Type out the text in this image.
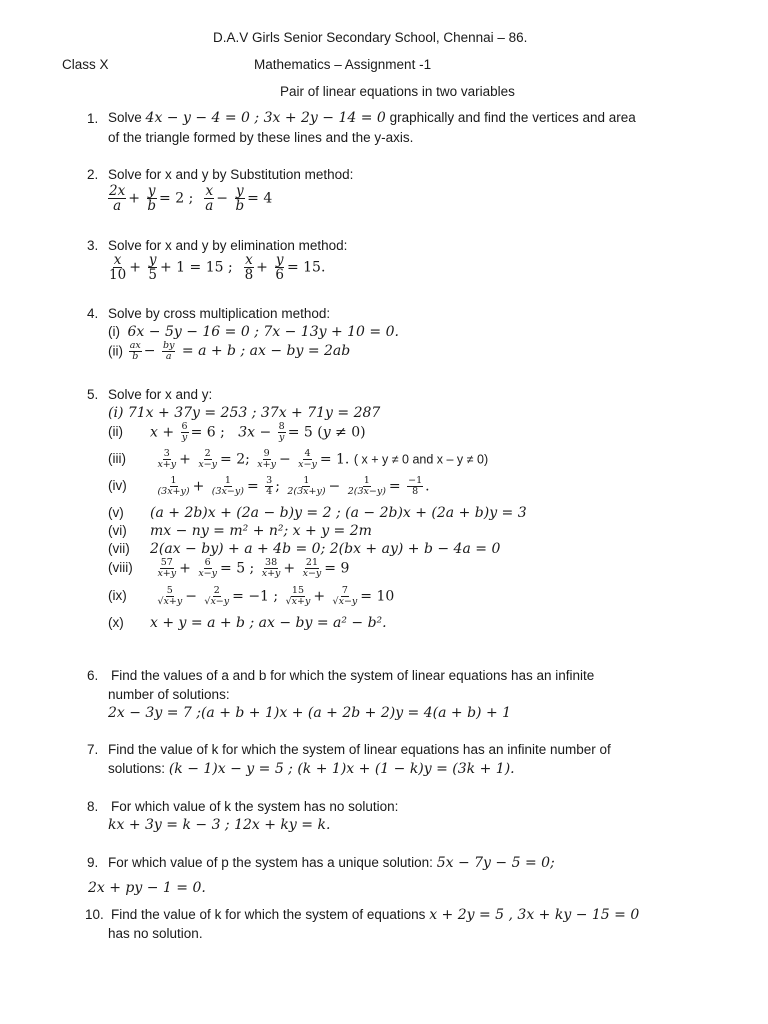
D.A.V Girls Senior Secondary School, Chennai – 86.
Class X	Mathematics – Assignment -1
Pair of linear equations in two variables
1. Solve 4x − y − 4 = 0 ; 3x + 2y − 14 = 0 graphically and find the vertices and area
of the triangle formed by these lines and the y-axis.
2. Solve for x and y by Substitution method:
$\frac{2x}{a} + \frac{y}{b} = 2$ ; $\frac{x}{a} - \frac{y}{b} = 4$
3. Solve for x and y by elimination method:
$\frac{x}{10} + \frac{y}{5} + 1 = 15$ ; $\frac{x}{8} + \frac{y}{6} = 15$.
4. Solve by cross multiplication method:
(i) 6x − 5y − 16 = 0 ; 7x − 13y + 10 = 0.
$(ii) \frac{ax}{b} - \frac{by}{a} = a + b$ ; ax − by = 2ab
5. Solve for x and y:
(i) 71x + 37y = 253 ; 37x + 71y = 287
(ii) $x + \frac{6}{y} = 6$ ;   $3x - \frac{8}{y} = 5$ (y ≠ 0)
(iii)	$\frac{3}{x+y} + \frac{2}{x-y} = 2$; $\frac{9}{x+y} - \frac{4}{x-y} = 1$. ( x + y ≠ 0 and x – y ≠ 0)
(iv)	$\frac{1}{(3x+y)} + \frac{1}{(3x-y)} = \frac{3}{4}$ ; $\frac{1}{2(3x+y)} - \frac{1}{2(3x-y)} = \frac{-1}{8}$ .
(v) (a + 2b)x + (2a − b)y = 2 ; (a − 2b)x + (2a + b)y = 3
(vi) mx − ny = m² + n²; x + y = 2m
(vii) 2(ax − by) + a + 4b = 0; 2(bx + ay) + b − 4a = 0
(viii) $\frac{57}{x+y} + \frac{6}{x-y} = 5$ ; $\frac{38}{x+y} + \frac{21}{x-y} = 9$
(ix)	$\frac{5}{√x+y} - \frac{2}{√x-y} = -1$ ; $\frac{15}{√x+y} + \frac{7}{√x-y} = 10$
(x) x + y = a + b ; ax − by = a² − b².
6. Find the values of a and b for which the system of linear equations has an infinite
number of solutions:
2x − 3y = 7 ;(a + b + 1)x + (a + 2b + 2)y = 4(a + b) + 1
7. Find the value of k for which the system of linear equations has an infinite number of
solutions: (k − 1)x − y = 5 ; (k + 1)x + (1 − k)y = (3k + 1).
8. For which value of k the system has no solution:
kx + 3y = k − 3 ; 12x + ky = k.
9. For which value of p the system has a unique solution: 5x − 7y − 5 = 0;
2x + py − 1 = 0.
10. Find the value of k for which the system of equations x + 2y = 5 , 3x + ky − 15 = 0
has no solution.
